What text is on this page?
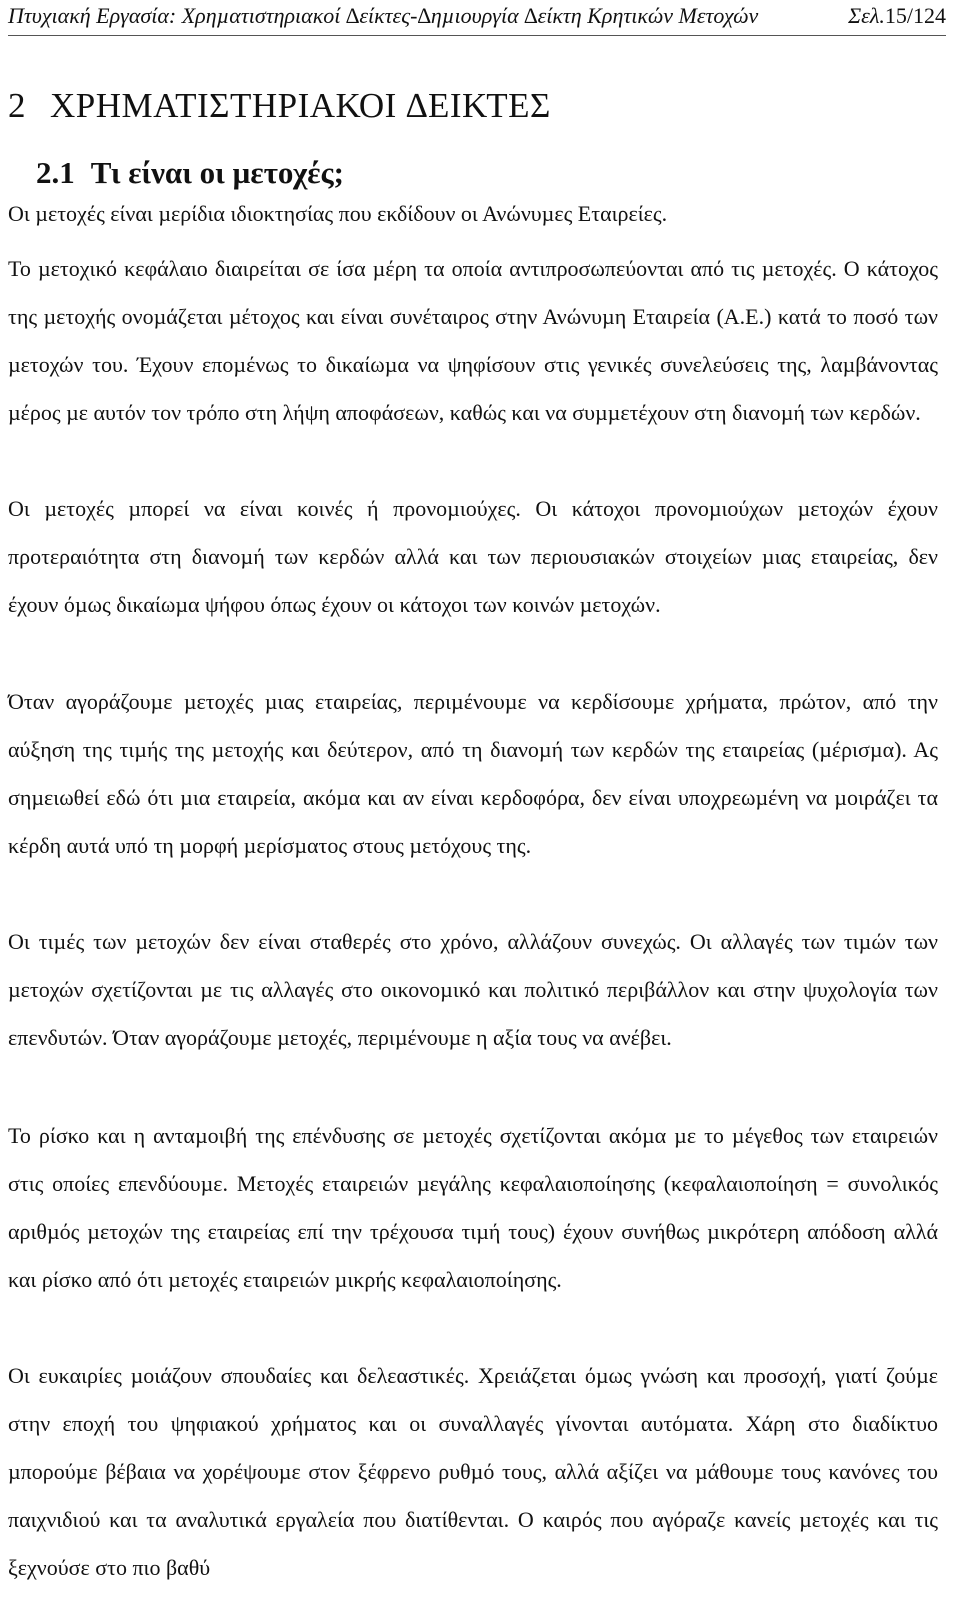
Πτυχιακή Εργασία: Χρηµατιστηριακοί ∆είκτες-∆ηµιουργία ∆είκτη Κρητικών Μετοχών	Σελ.15/124
2 ΧΡΗΜΑΤΙΣΤΗΡΙΑΚΟΙ ∆ΕΙΚΤΕΣ
2.1 Τι είναι οι µετοχές;

Οι µετοχές είναι µερίδια ιδιοκτησίας που εκδίδουν οι Ανώνυµες Εταιρείες.

Το µετοχικό κεφάλαιο διαιρείται σε ίσα µέρη τα οποία αντιπροσωπεύονται από τις µετοχές. Ο κάτοχος της µετοχής ονοµάζεται µέτοχος και είναι συνέταιρος στην Ανώνυµη Εταιρεία (Α.Ε.) κατά το ποσό των µετοχών του. Έχουν εποµένως το δικαίωµα να ψηφίσουν στις γενικές συνελεύσεις της, λαµβάνοντας µέρος µε αυτόν τον τρόπο στη λήψη αποφάσεων, καθώς και να συµµετέχουν στη διανοµή των κερδών.

Οι µετοχές µπορεί να είναι κοινές ή προνοµιούχες. Οι κάτοχοι προνοµιούχων µετοχών έχουν προτεραιότητα στη διανοµή των κερδών αλλά και των περιουσιακών στοιχείων µιας εταιρείας, δεν έχουν όµως δικαίωµα ψήφου όπως έχουν οι κάτοχοι των κοινών µετοχών.

Όταν αγοράζουµε µετοχές µιας εταιρείας, περιµένουµε να κερδίσουµε χρήµατα, πρώτον, από την αύξηση της τιµής της µετοχής και δεύτερον, από τη διανοµή των κερδών της εταιρείας (µέρισµα). Ας σηµειωθεί εδώ ότι µια εταιρεία, ακόµα και αν είναι κερδοφόρα, δεν είναι υποχρεωµένη να µοιράζει τα κέρδη αυτά υπό τη µορφή µερίσµατος στους µετόχους της.

Οι τιµές των µετοχών δεν είναι σταθερές στο χρόνο, αλλάζουν συνεχώς. Οι αλλαγές των τιµών των µετοχών σχετίζονται µε τις αλλαγές στο οικονοµικό και πολιτικό περιβάλλον και στην ψυχολογία των επενδυτών. Όταν αγοράζουµε µετοχές, περιµένουµε η αξία τους να ανέβει.

Το ρίσκο και η ανταµοιβή της επένδυσης σε µετοχές σχετίζονται ακόµα µε το µέγεθος των εταιρειών στις οποίες επενδύουµε. Μετοχές εταιρειών µεγάλης κεφαλαιοποίησης (κεφαλαιοποίηση = συνολικός αριθµός µετοχών της εταιρείας επί την τρέχουσα τιµή τους) έχουν συνήθως µικρότερη απόδοση αλλά και ρίσκο από ότι µετοχές εταιρειών µικρής κεφαλαιοποίησης.

Οι ευκαιρίες µοιάζουν σπουδαίες και δελεαστικές. Χρειάζεται όµως γνώση και προσοχή, γιατί ζούµε στην εποχή του ψηφιακού χρήµατος και οι συναλλαγές γίνονται αυτόµατα. Χάρη στο διαδίκτυο µπορούµε βέβαια να χορέψουµε στον ξέφρενο ρυθµό τους, αλλά αξίζει να µάθουµε τους κανόνες του παιχνιδιού και τα αναλυτικά εργαλεία που διατίθενται. Ο καιρός που αγόραζε κανείς µετοχές και τις ξεχνούσε στο πιο βαθύ
